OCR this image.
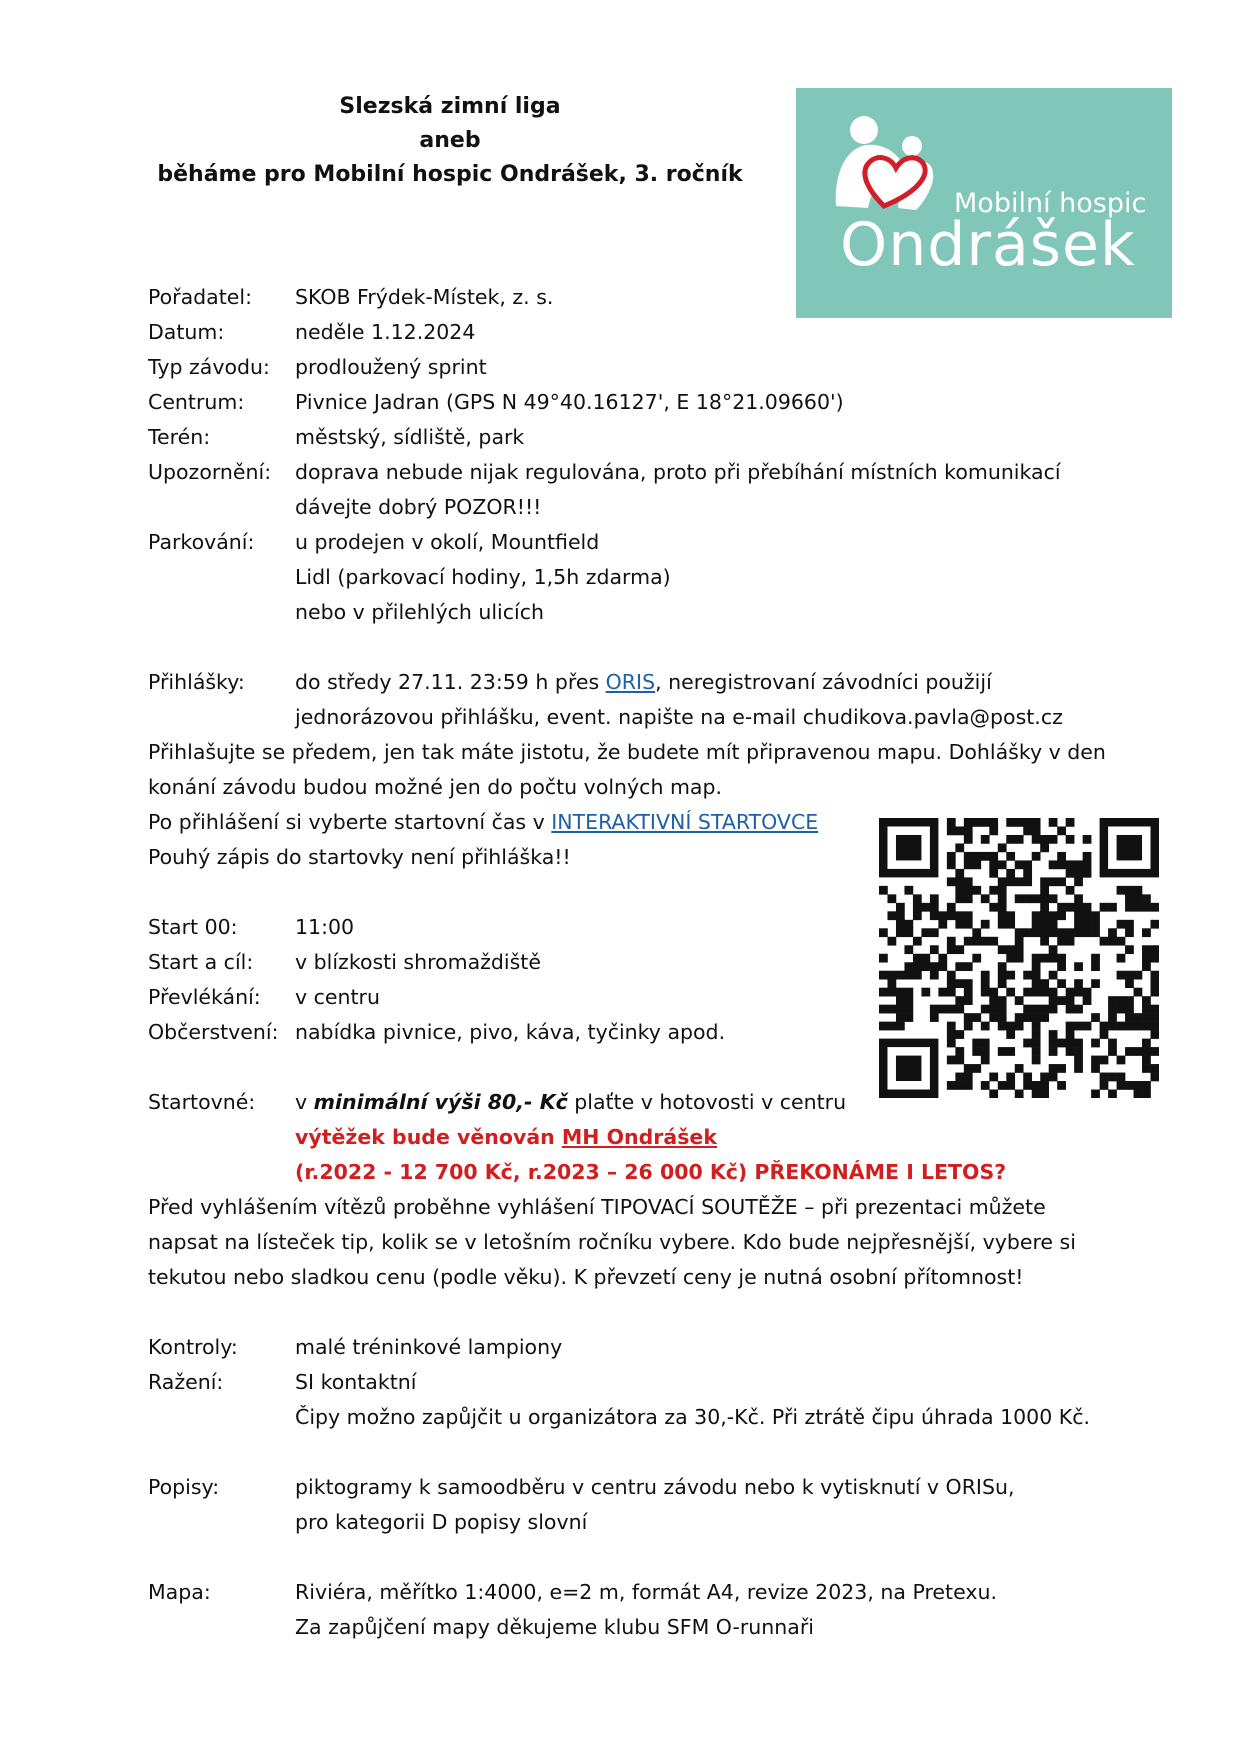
Slezská zimní liga
aneb
běháme pro Mobilní hospic Ondrášek, 3. ročník
Mobilní hospic
Ondrášek
Pořadatel: SKOB Frýdek-Místek, z. s.
Datum:	neděle 1.12.2024
Typ závodu: prodloužený sprint
Centrum: Pivnice Jadran (GPS N 49°40.16127', E 18°21.09660')
Terén:	městský, sídliště, park
Upozornění: doprava nebude nijak regulována, proto při přebíhání místních komunikací
dávejte dobrý POZOR!!!
Parkování: u prodejen v okolí, Mountfield
Lidl (parkovací hodiny, 1,5h zdarma)
nebo v přilehlých ulicích
Přihlášky: do středy 27.11. 23:59 h přes ORIS, neregistrovaní závodníci použijí
jednorázovou přihlášku, event. napište na e-mail chudikova.pavla@post.cz
Přihlašujte se předem, jen tak máte jistotu, že budete mít připravenou mapu. Dohlášky v den
konání závodu budou možné jen do počtu volných map.
Po přihlášení si vyberte startovní čas v INTERAKTIVNÍ STARTOVCE
Pouhý zápis do startovky není přihláška!!
Start 00:	11:00
Start a cíl: v blízkosti shromaždiště
Převlékání: v centru
Občerstvení: nabídka pivnice, pivo, káva, tyčinky apod.
Startovné: v minimální výši 80,- Kč plaťte v hotovosti v centru
výtěžek bude věnován MH Ondrášek
(r.2022 - 12 700 Kč, r.2023 – 26 000 Kč) PŘEKONÁME I LETOS?
Před vyhlášením vítězů proběhne vyhlášení TIPOVACÍ SOUTĚŽE – při prezentaci můžete
napsat na lísteček tip, kolik se v letošním ročníku vybere. Kdo bude nejpřesnější, vybere si
tekutou nebo sladkou cenu (podle věku). K převzetí ceny je nutná osobní přítomnost!
Kontroly:	malé tréninkové lampiony
Ražení:	SI kontaktní
Čipy možno zapůjčit u organizátora za 30,-Kč. Při ztrátě čipu úhrada 1000 Kč.
Popisy:	piktogramy k samoodběru v centru závodu nebo k vytisknutí v ORISu,
pro kategorii D popisy slovní
Mapa:	Riviéra, měřítko 1:4000, e=2 m, formát A4, revize 2023, na Pretexu.
Za zapůjčení mapy děkujeme klubu SFM O-runnaři
